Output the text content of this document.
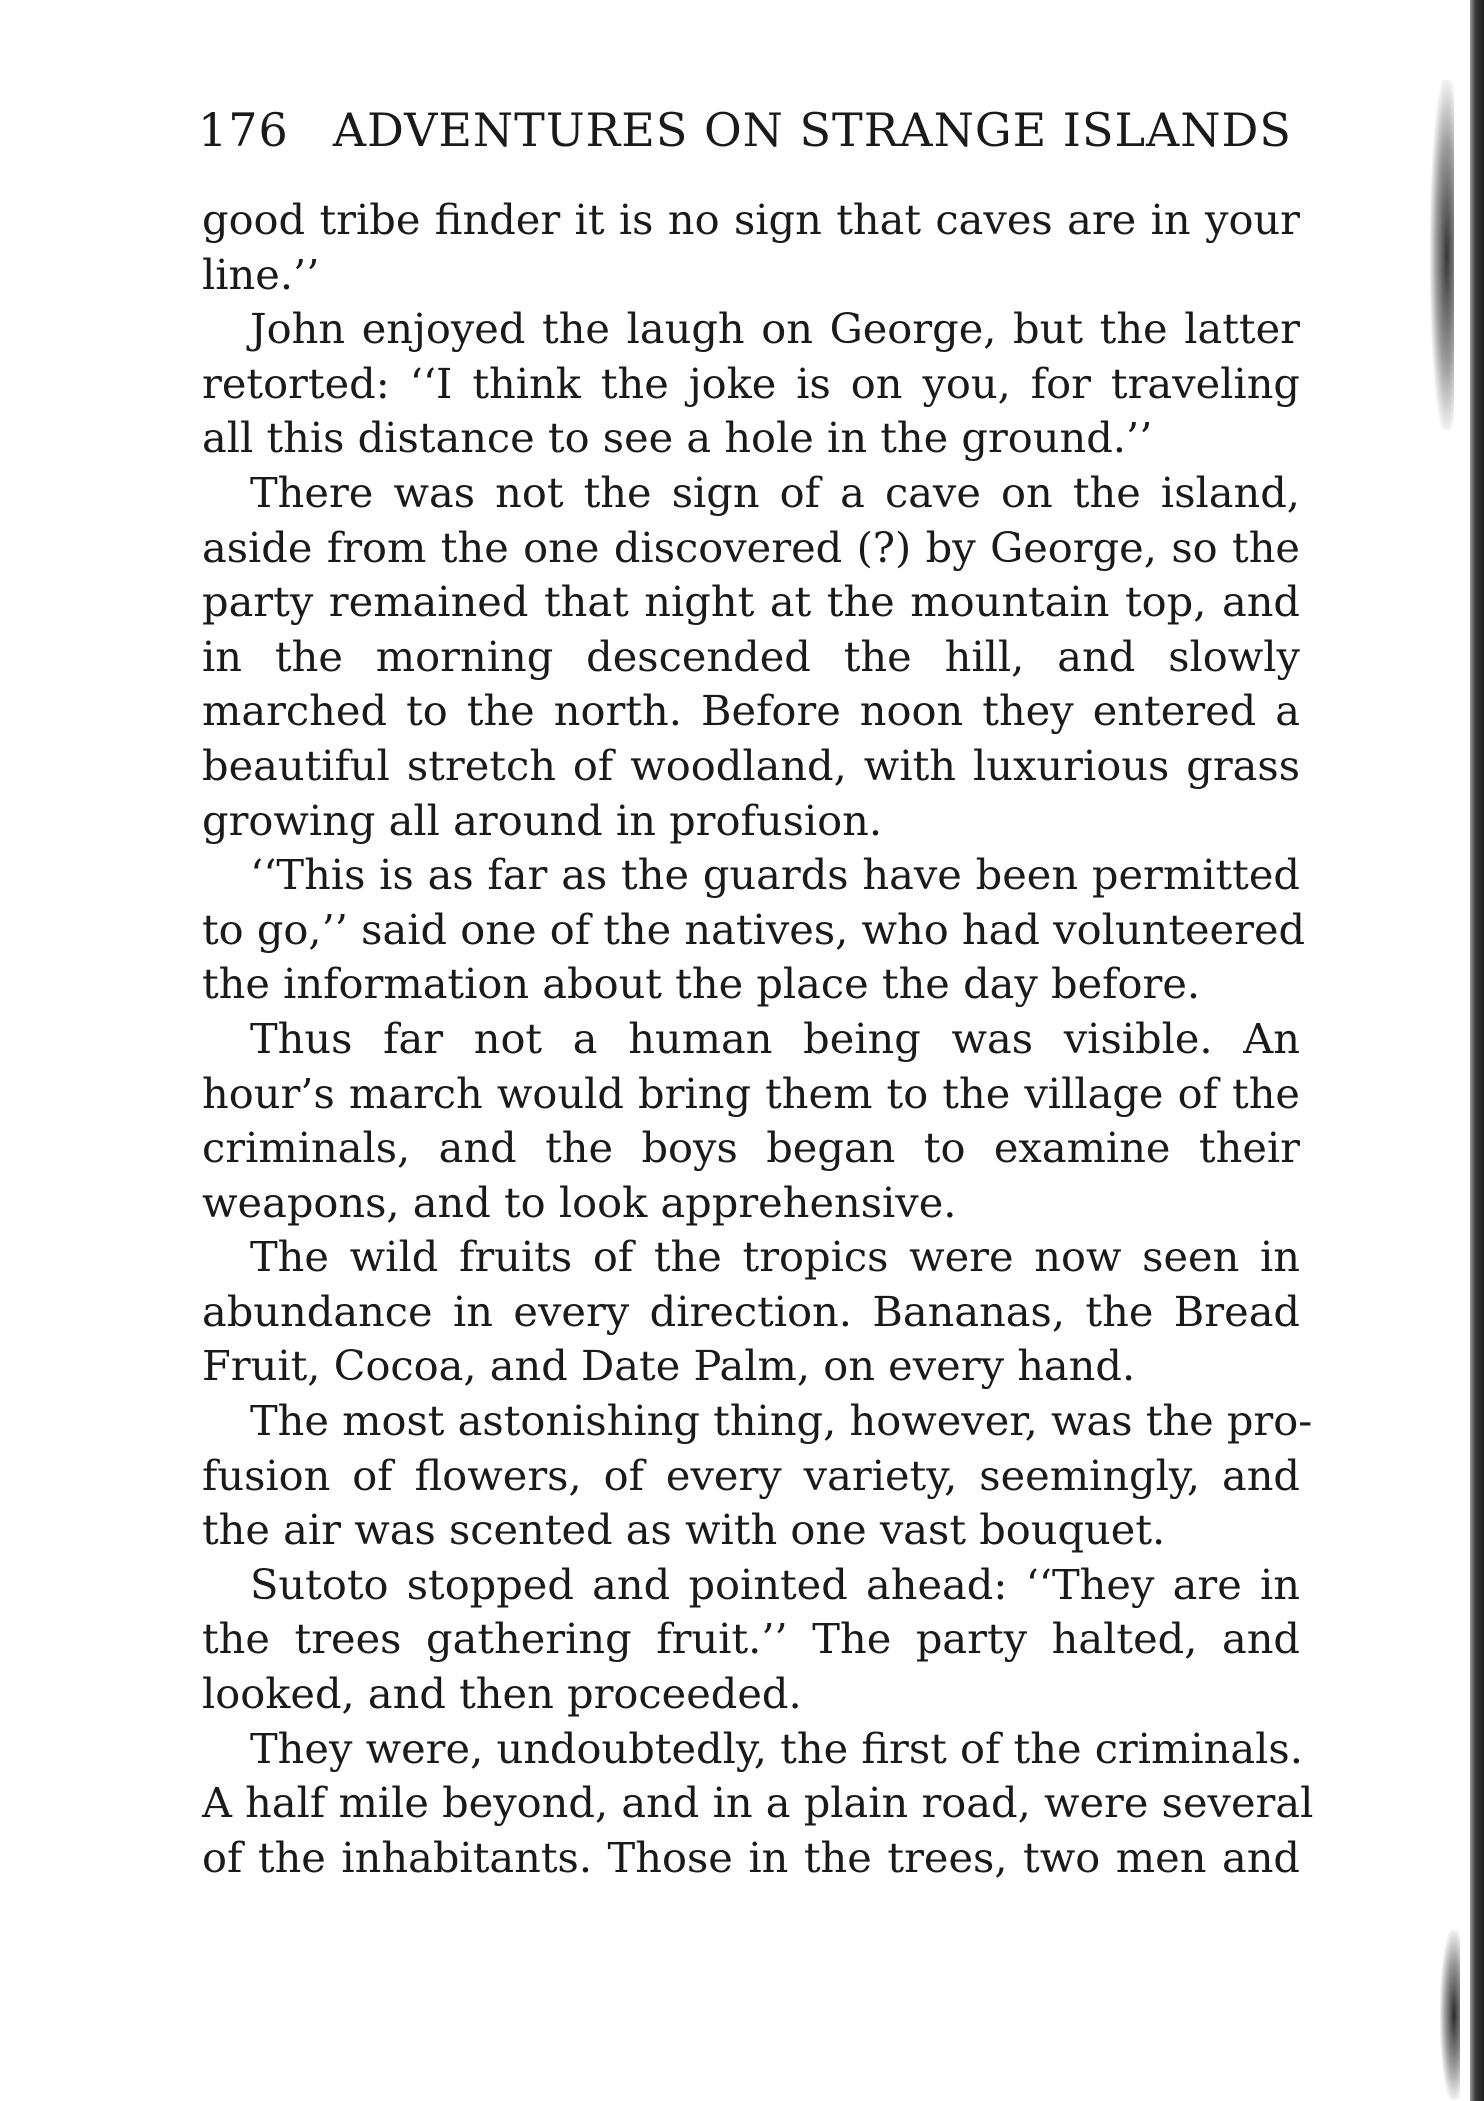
176 ADVENTURES ON STRANGE ISLANDS
good tribe finder it is no sign that caves are in your
line.’’
John enjoyed the laugh on George, but the latter
retorted: ‘‘I think the joke is on you, for traveling
all this distance to see a hole in the ground.’’
There was not the sign of a cave on the island,
aside from the one discovered (?) by George, so the
party remained that night at the mountain top, and
in the morning descended the hill, and slowly
marched to the north. Before noon they entered a
beautiful stretch of woodland, with luxurious grass
growing all around in profusion.
‘‘This is as far as the guards have been permitted
to go,’’ said one of the natives, who had volunteered
the information about the place the day before.
Thus far not a human being was visible. An
hour’s march would bring them to the village of the
criminals, and the boys began to examine their
weapons, and to look apprehensive.
The wild fruits of the tropics were now seen in
abundance in every direction. Bananas, the Bread
Fruit, Cocoa, and Date Palm, on every hand.
The most astonishing thing, however, was the pro-
fusion of flowers, of every variety, seemingly, and
the air was scented as with one vast bouquet.
Sutoto stopped and pointed ahead: ‘‘They are in
the trees gathering fruit.’’ The party halted, and
looked, and then proceeded.
They were, undoubtedly, the first of the criminals.
A half mile beyond, and in a plain road, were several
of the inhabitants. Those in the trees, two men and
